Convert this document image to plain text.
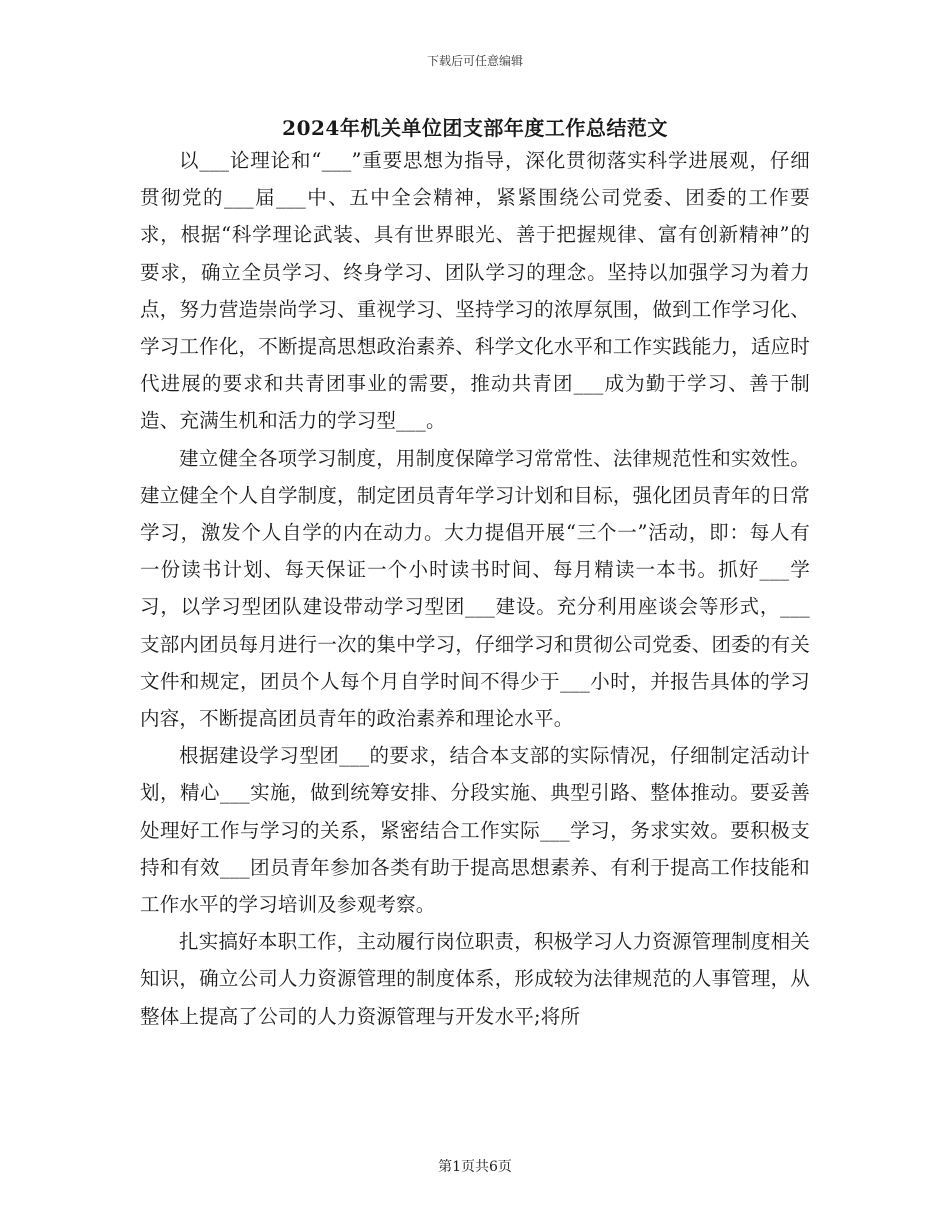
下载后可任意编辑
2024年机关单位团支部年度工作总结范文

以___论理论和“___”重要思想为指导，深化贯彻落实科学进展观，仔细贯彻党的___届___中、五中全会精神，紧紧围绕公司党委、团委的工作要求，根据“科学理论武装、具有世界眼光、善于把握规律、富有创新精神”的要求，确立全员学习、终身学习、团队学习的理念。坚持以加强学习为着力点，努力营造崇尚学习、重视学习、坚持学习的浓厚氛围，做到工作学习化、学习工作化，不断提高思想政治素养、科学文化水平和工作实践能力，适应时代进展的要求和共青团事业的需要，推动共青团___成为勤于学习、善于制造、充满生机和活力的学习型___。

建立健全各项学习制度，用制度保障学习常常性、法律规范性和实效性。建立健全个人自学制度，制定团员青年学习计划和目标，强化团员青年的日常学习，激发个人自学的内在动力。大力提倡开展“三个一”活动，即：每人有一份读书计划、每天保证一个小时读书时间、每月精读一本书。抓好___学习，以学习型团队建设带动学习型团___建设。充分利用座谈会等形式，___支部内团员每月进行一次的集中学习，仔细学习和贯彻公司党委、团委的有关文件和规定，团员个人每个月自学时间不得少于___小时，并报告具体的学习内容，不断提高团员青年的政治素养和理论水平。

根据建设学习型团___的要求，结合本支部的实际情况，仔细制定活动计划，精心___实施，做到统筹安排、分段实施、典型引路、整体推动。要妥善处理好工作与学习的关系，紧密结合工作实际___学习，务求实效。要积极支持和有效___团员青年参加各类有助于提高思想素养、有利于提高工作技能和工作水平的学习培训及参观考察。

扎实搞好本职工作，主动履行岗位职责，积极学习人力资源管理制度相关知识，确立公司人力资源管理的制度体系，形成较为法律规范的人事管理，从整体上提高了公司的人力资源管理与开发水平;将所

第1页共6页
